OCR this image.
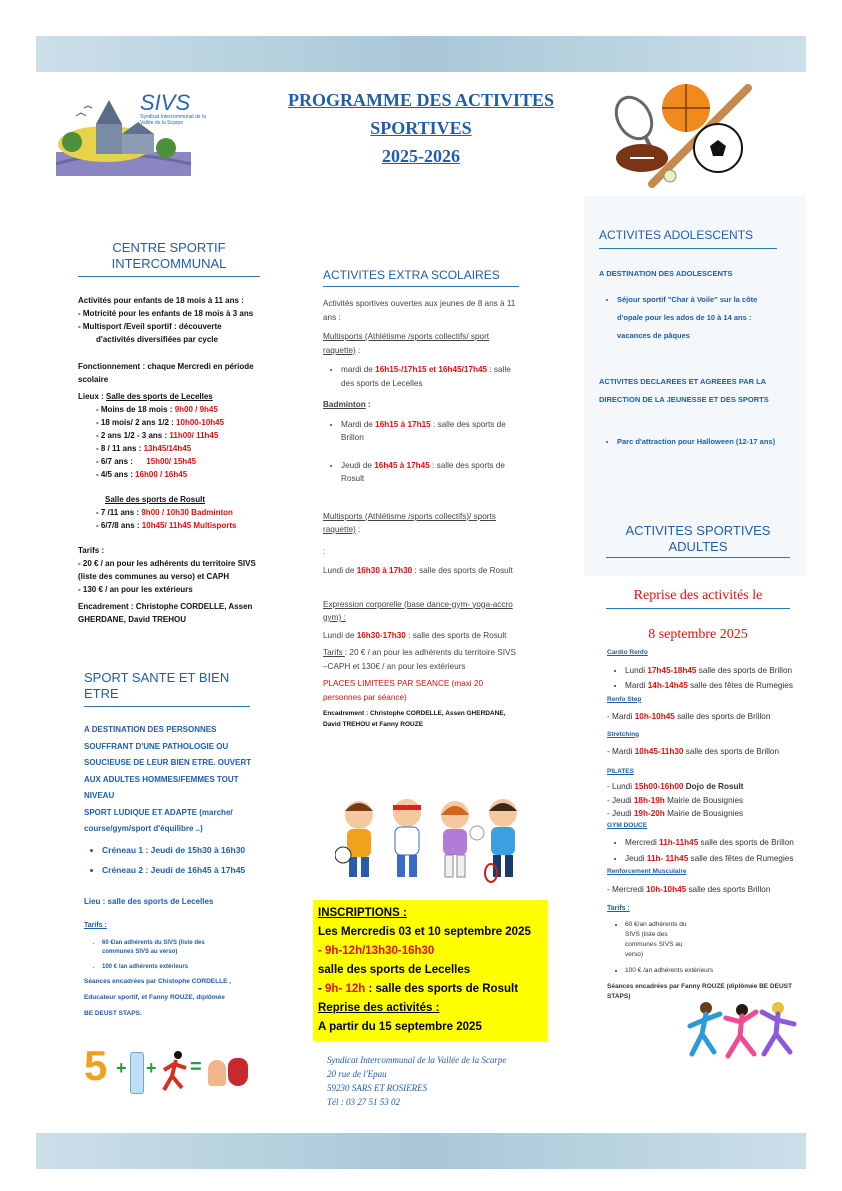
SIVS
Syndicat Intercommunal de la Vallée de la Scarpe
PROGRAMME DES ACTIVITES
SPORTIVES
2025-2026
CENTRE SPORTIF
INTERCOMMUNAL
Activités pour enfants de 18 mois à 11 ans :
- Motricité pour les enfants de 18 mois à 3 ans
- Multisport /Eveil sportif : découverte
d'activités diversifiées par cycle
Fonctionnement : chaque Mercredi en période scolaire
Lieux : Salle des sports de Lecelles
- Moins de 18 mois : 9h00 / 9h45
- 18 mois/ 2 ans 1/2 : 10h00-10h45
- 2 ans 1/2 - 3 ans : 11h00/ 11h45
- 8 / 11 ans : 13h45/14h45
- 6/7 ans :      15h00/ 15h45
- 4/5 ans : 16h00 / 16h45
Salle des sports de Rosult
- 7 /11 ans : 9h00 / 10h30 Badminton
- 6/7/8 ans : 10h45/ 11h45 Multisports
Tarifs :
- 20 € / an pour les adhérents du territoire SIVS (liste des communes au verso) et CAPH
- 130 € / an pour les extérieurs
Encadrement : Christophe CORDELLE, Assen GHERDANE, David TREHOU
SPORT SANTE ET BIEN
ETRE
A DESTINATION DES PERSONNES
SOUFFRANT D'UNE PATHOLOGIE OU
SOUCIEUSE DE LEUR BIEN ETRE. OUVERT
AUX ADULTES HOMMES/FEMMES TOUT
NIVEAU
SPORT LUDIQUE ET ADAPTE (marche/
course/gym/sport d'équilibre ..)
• Créneau 1 : Jeudi de 15h30 à 16h30
• Créneau 2 : Jeudi de 16h45 à 17h45
Lieu : salle des sports de Lecelles
Tarifs :
• 60 €/an adhérents du SIVS (liste des communes SIVS au verso)
• 100 € /an adhérents extérieurs
Séances encadrées par Chistophe CORDELLE ,
Educateur sportif, et Fanny ROUZE, diplômée
BE DEUST STAPS.
5 + + =
ACTIVITES EXTRA SCOLAIRES
Activités sportives ouvertes aux jeunes de 8 ans à 11 ans :
Multisports (Athlétisme /sports collectifs/ sport raquette) :
• mardi de 16h15-/17h15 et 16h45/17h45 : salle des sports de Lecelles
Badminton :
• Mardi de 16h15 à 17h15 : salle des sports de Brillon
• Jeudi de 16h45 à 17h45 : salle des sports de Rosult
Multisports (Athlétisme /sports collectifs)/ sports raquette) :
:
Lundi de 16h30 à 17h30 : salle des sports de Rosult
Expression corporelle (base dance-gym- yoga-accro gym) :
Lundi de 16h30-17h30 : salle des sports de Rosult
Tarifs : 20 € / an pour les adhérents du territoire SIVS –CAPH et 130€ / an pour les extérieurs
PLACES LIMITEES PAR SEANCE (maxi 20 personnes par séance)
Encadrement : Christophe CORDELLE, Assen GHERDANE, David TREHOU et Fanny ROUZE
INSCRIPTIONS :
Les Mercredis 03 et 10 septembre 2025
- 9h-12h/13h30-16h30
salle des sports de Lecelles
- 9h- 12h : salle des sports de Rosult
Reprise des activités :
A partir du 15 septembre 2025
Syndicat Intercommunal de la Vallée de la Scarpe
20 rue de l'Epau
59230 SARS ET ROSIERES
Tél : 03 27 51 53 02
ACTIVITES ADOLESCENTS
A DESTINATION DES ADOLESCENTS
• Séjour sportif "Char à Voile" sur la côte d'opale pour les ados de 10 à 14 ans : vacances de pâques
ACTIVITES DECLAREES ET AGREEES PAR LA DIRECTION DE LA JEUNESSE ET DES SPORTS
• Parc d'attraction pour Halloween (12-17 ans)
ACTIVITES SPORTIVES
ADULTES
Reprise des activités le
8 septembre 2025
Cardio Renfo
• Lundi 17h45-18h45 salle des sports de Brillon
• Mardi 14h-14h45 salle des fêtes de Rumegies
Renfo Step
- Mardi 10h-10h45 salle des sports de Brillon
Stretching
- Mardi 10h45-11h30 salle des sports de Brillon
PILATES
- Lundi 15h00-16h00 Dojo de Rosult
- Jeudi 18h-19h Mairie de Bousignies
- Jeudi 19h-20h Mairie de Bousignies
GYM DOUCE
• Mercredi 11h-11h45 salle des sports de Brillon
• Jeudi 11h- 11h45 salle des fêtes de Rumegies
Renforcement Musculaire
- Mercredi 10h-10h45 salle des sports Brillon
Tarifs :
• 60 €/an adhérents du SIVS (liste des communes SIVS au verso)
• 100 € /an adhérents extérieurs
Séances encadrées par Fanny ROUZE (diplômée BE DEUST STAPS)
